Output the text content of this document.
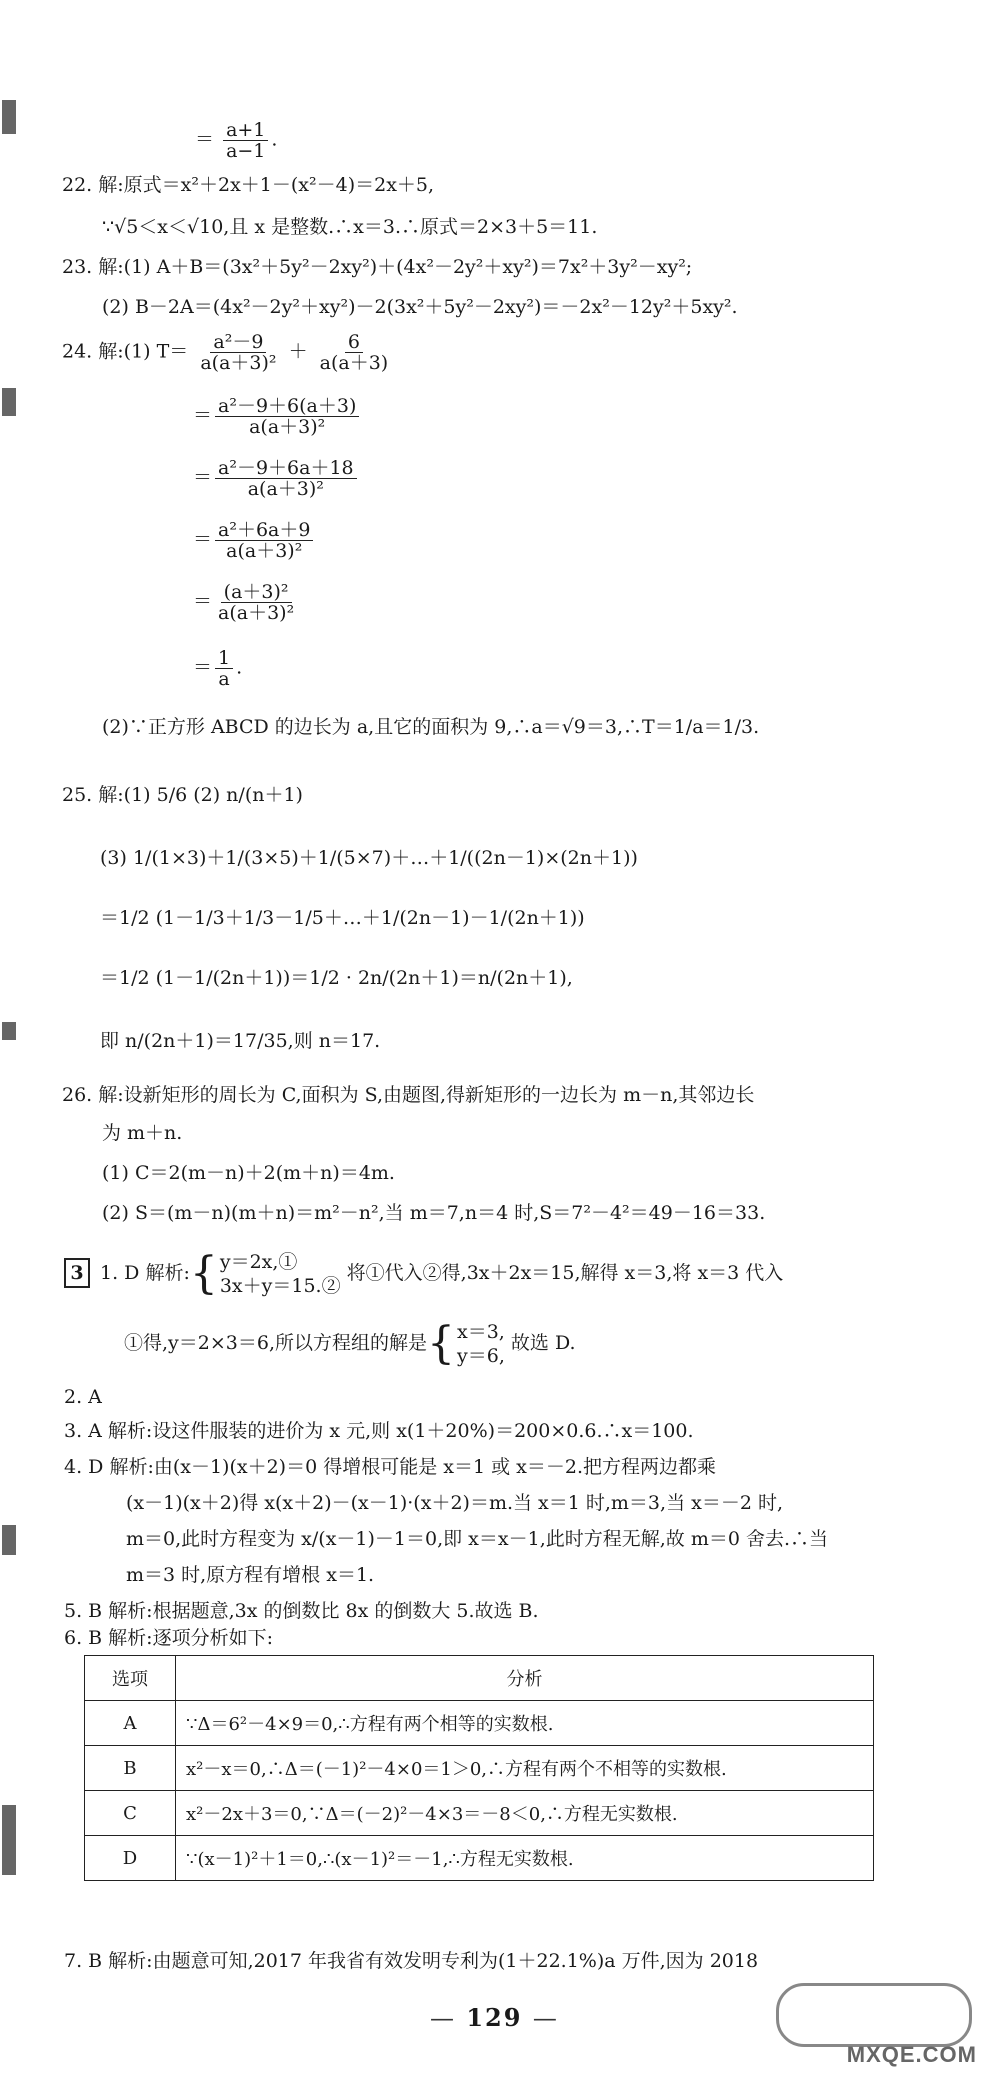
＝ $\frac{a+1}{a-1}$ .
22. 解:原式＝x²＋2x＋1－(x²－4)＝2x＋5,
∵√5＜x＜√10,且 x 是整数.∴x＝3.∴原式＝2×3＋5＝11.
23. 解:(1) A＋B＝(3x²＋5y²－2xy²)＋(4x²－2y²＋xy²)＝7x²＋3y²－xy²;
(2) B－2A＝(4x²－2y²＋xy²)－2(3x²＋5y²－2xy²)＝－2x²－12y²＋5xy².
24. 解:(1) $T= \frac{\text{a²－9}}{\text{a(a＋3)²}} + \frac{6}{a(a+3)}$
＝ $\frac{\text{a²－9＋6(a＋3)}}{\text{a(a＋3)²}}$
＝ $\frac{\text{a²－9＋6a＋18}}{\text{a(a＋3)²}}$
＝ $\frac{\text{a²＋6a＋9}}{\text{a(a＋3)²}}$
＝ $\frac{\text{(a＋3)²}}{\text{a(a＋3)²}}$
＝ $\frac{1}{a}$ .
(2)∵正方形 ABCD 的边长为 a,且它的面积为 9,∴a＝√9＝3,∴T＝1/a＝1/3.
25. 解:(1) 5/6 (2) n/(n＋1)
(3) 1/(1×3)＋1/(3×5)＋1/(5×7)＋…＋1/((2n－1)×(2n＋1))
＝1/2 (1－1/3＋1/3－1/5＋…＋1/(2n－1)－1/(2n＋1))
＝1/2 (1－1/(2n＋1))＝1/2 · 2n/(2n＋1)＝n/(2n＋1),
即 n/(2n＋1)＝17/35,则 n＝17.
26. 解:设新矩形的周长为 C,面积为 S,由题图,得新矩形的一边长为 m－n,其邻边长
为 m＋n.
(1) C＝2(m－n)＋2(m＋n)＝4m.
(2) S＝(m－n)(m＋n)＝m²－n²,当 m＝7,n＝4 时,S＝7²－4²＝49－16＝33.
3 1. D 解析:{ y＝2x,①
3x＋y＝15.②
将①代入②得,3x＋2x＝15,解得 x＝3,将 x＝3 代入
①得,y＝2×3＝6,所以方程组的解是{ x＝3,
y＝6,
故选 D.
2. A
3. A 解析:设这件服装的进价为 x 元,则 x(1＋20%)＝200×0.6.∴x＝100.
4. D 解析:由(x－1)(x＋2)＝0 得增根可能是 x＝1 或 x＝－2.把方程两边都乘
(x－1)(x＋2)得 x(x＋2)－(x－1)·(x＋2)＝m.当 x＝1 时,m＝3,当 x＝－2 时,
m＝0,此时方程变为 x/(x－1)－1＝0,即 x＝x－1,此时方程无解,故 m＝0 舍去.∴当
m＝3 时,原方程有增根 x＝1.
5. B 解析:根据题意,3x 的倒数比 8x 的倒数大 5.故选 B.
6. B 解析:逐项分析如下:
选项	分析
A	∵Δ＝6²－4×9＝0,∴方程有两个相等的实数根.
B	x²－x＝0,∴Δ＝(－1)²－4×0＝1＞0,∴方程有两个不相等的实数根.
C	x²－2x＋3＝0,∵Δ＝(－2)²－4×3＝－8＜0,∴方程无实数根.
D	∵(x－1)²＋1＝0,∴(x－1)²＝－1,∴方程无实数根.
7. B 解析:由题意可知,2017 年我省有效发明专利为(1＋22.1%)a 万件,因为 2018
— 129 —
MXQE.COM
